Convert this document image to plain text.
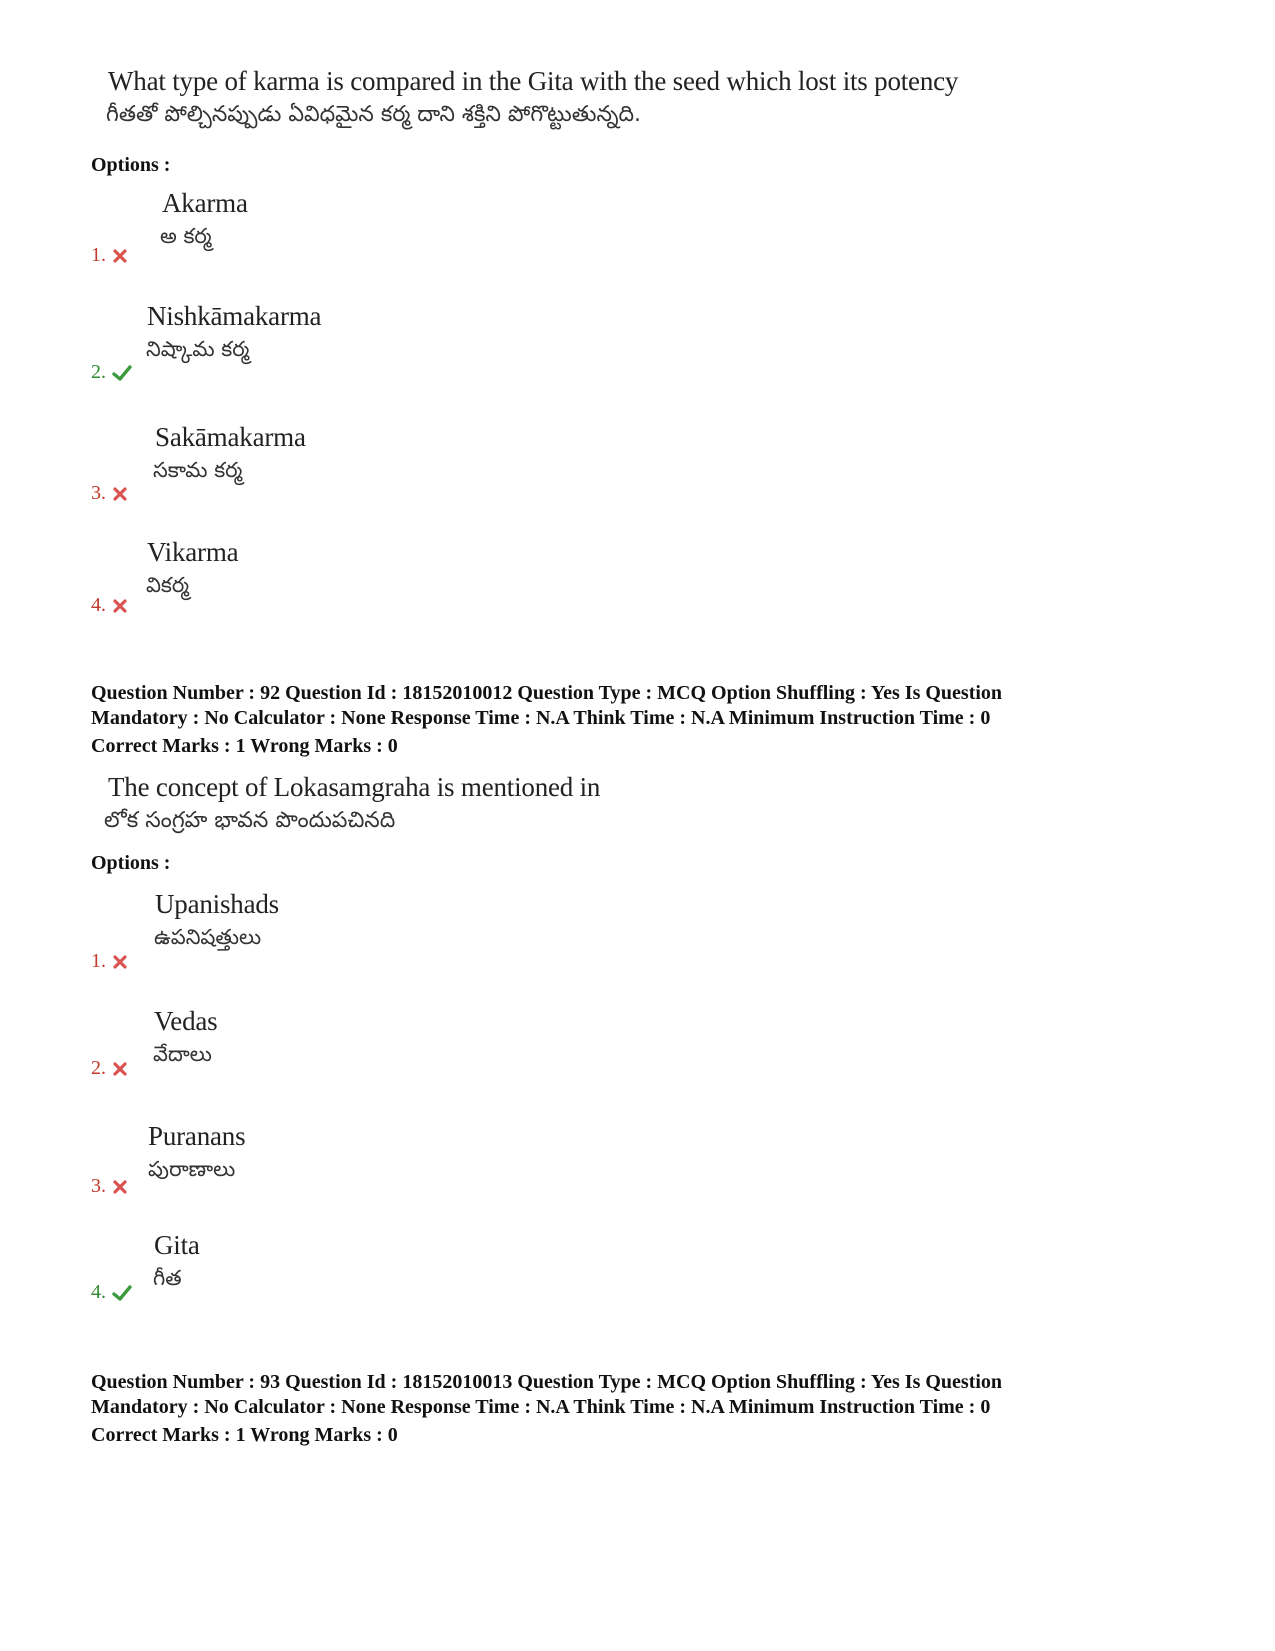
What type of karma is compared in the Gita with the seed which lost its potency
గీతతో పోల్చినప్పుడు ఏవిధమైన కర్మ దాని శక్తిని పోగొట్టుతున్నది.
Options :
Akarma
అ కర్మ
1.
Nishkāmakarma
నిష్కామ కర్మ
2.
Sakāmakarma
సకామ కర్మ
3.
Vikarma
వికర్మ
4.
Question Number : 92 Question Id : 18152010012 Question Type : MCQ Option Shuffling : Yes Is Question
Mandatory : No Calculator : None Response Time : N.A Think Time : N.A Minimum Instruction Time : 0
Correct Marks : 1 Wrong Marks : 0
The concept of Lokasamgraha is mentioned in
లోక సంగ్రహ భావన పొందుపచినది
Options :
Upanishads
ఉపనిషత్తులు
1.
Vedas
వేదాలు
2.
Puranans
పురాణాలు
3.
Gita
గీత
4.
Question Number : 93 Question Id : 18152010013 Question Type : MCQ Option Shuffling : Yes Is Question
Mandatory : No Calculator : None Response Time : N.A Think Time : N.A Minimum Instruction Time : 0
Correct Marks : 1 Wrong Marks : 0
